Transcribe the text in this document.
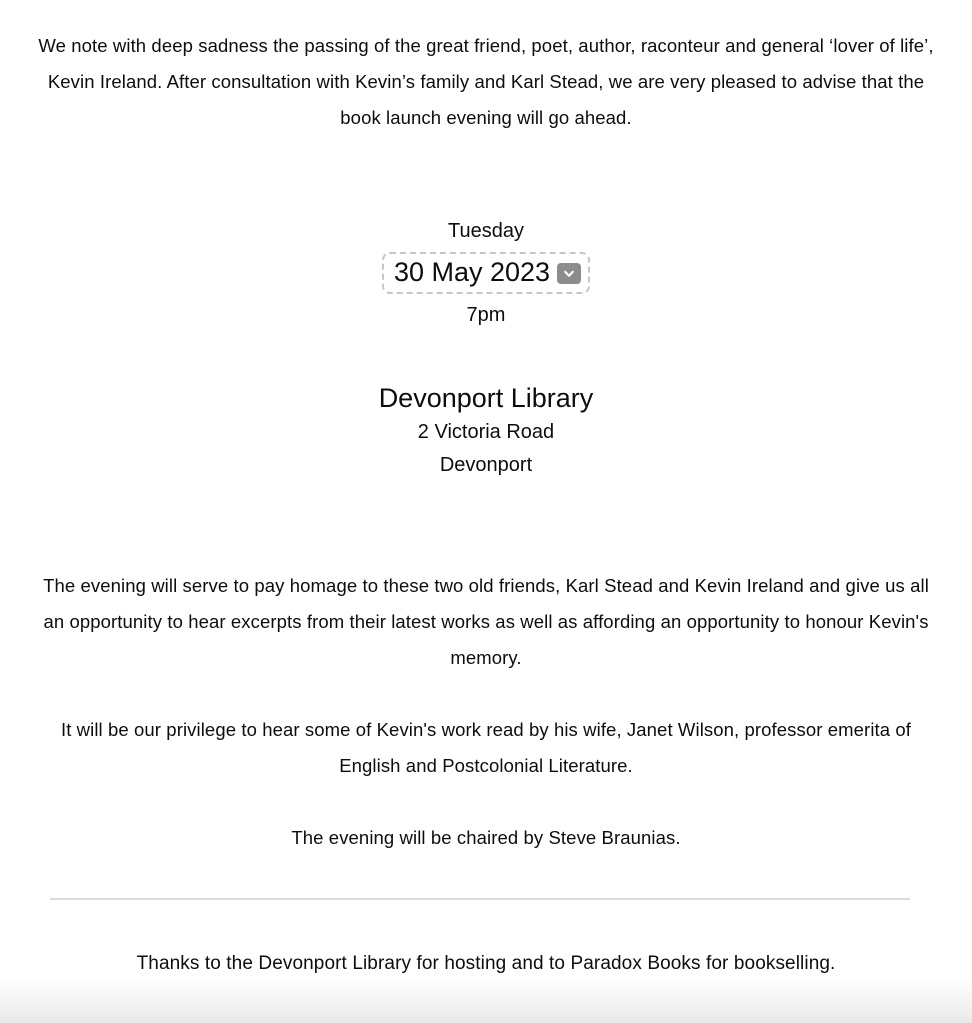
We note with deep sadness the passing of the great friend, poet, author, raconteur and general ‘lover of life’, Kevin Ireland. After consultation with Kevin’s family and Karl Stead, we are very pleased to advise that the book launch evening will go ahead.

Tuesday
30 May 2023
7pm
Devonport Library
2 Victoria Road
Devonport

The evening will serve to pay homage to these two old friends, Karl Stead and Kevin Ireland and give us all an opportunity to hear excerpts from their latest works as well as affording an opportunity to honour Kevin's memory.

It will be our privilege to hear some of Kevin's work read by his wife, Janet Wilson, professor emerita of English and Postcolonial Literature.

The evening will be chaired by Steve Braunias.

Thanks to the Devonport Library for hosting and to Paradox Books for bookselling.
